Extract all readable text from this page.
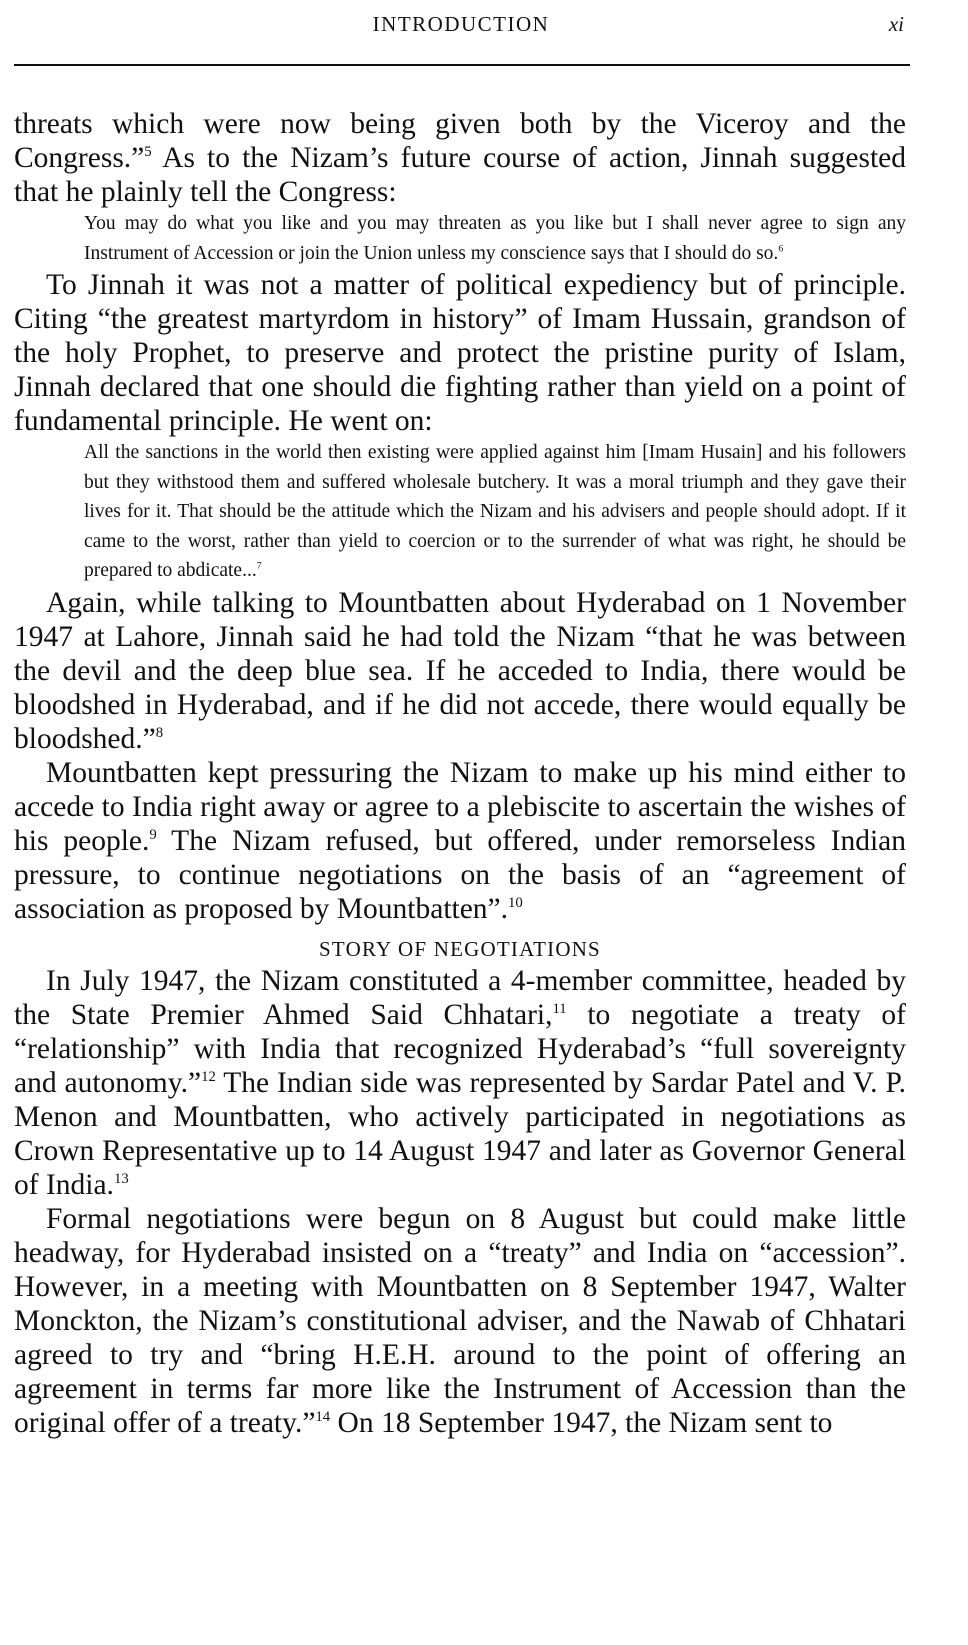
INTRODUCTION	xi

threats which were now being given both by the Viceroy and the Congress.”$^5$ As to the Nizam’s future course of action, Jinnah suggested that he plainly tell the Congress:

You may do what you like and you may threaten as you like but I shall never agree to sign any Instrument of Accession or join the Union unless my conscience says that I should do so.$^6$

To Jinnah it was not a matter of political expediency but of principle. Citing “the greatest martyrdom in history” of Imam Hussain, grandson of the holy Prophet, to preserve and protect the pristine purity of Islam, Jinnah declared that one should die fighting rather than yield on a point of fundamental principle. He went on:

All the sanctions in the world then existing were applied against him [Imam Husain] and his followers but they withstood them and suffered wholesale butchery. It was a moral triumph and they gave their lives for it. That should be the attitude which the Nizam and his advisers and people should adopt. If it came to the worst, rather than yield to coercion or to the surrender of what was right, he should be prepared to abdicate...$^7$

Again, while talking to Mountbatten about Hyderabad on 1 November 1947 at Lahore, Jinnah said he had told the Nizam “that he was between the devil and the deep blue sea. If he acceded to India, there would be bloodshed in Hyderabad, and if he did not accede, there would equally be bloodshed.”$^8$

Mountbatten kept pressuring the Nizam to make up his mind either to accede to India right away or agree to a plebiscite to ascertain the wishes of his people.$^9$ The Nizam refused, but offered, under remorseless Indian pressure, to continue negotiations on the basis of an “agreement of association as proposed by Mountbatten”.$^{10}$

STORY OF NEGOTIATIONS

In July 1947, the Nizam constituted a 4-member committee, headed by the State Premier Ahmed Said Chhatari,$^{11}$ to negotiate a treaty of “relationship” with India that recognized Hyderabad’s “full sovereignty and autonomy.”$^{12}$ The Indian side was represented by Sardar Patel and V. P. Menon and Mountbatten, who actively participated in negotiations as Crown Representative up to 14 August 1947 and later as Governor General of India.$^{13}$

Formal negotiations were begun on 8 August but could make little headway, for Hyderabad insisted on a “treaty” and India on “accession”. However, in a meeting with Mountbatten on 8 September 1947, Walter Monckton, the Nizam’s constitutional adviser, and the Nawab of Chhatari agreed to try and “bring H.E.H. around to the point of offering an agreement in terms far more like the Instrument of Accession than the original offer of a treaty.”$^{14}$ On 18 September 1947, the Nizam sent to
